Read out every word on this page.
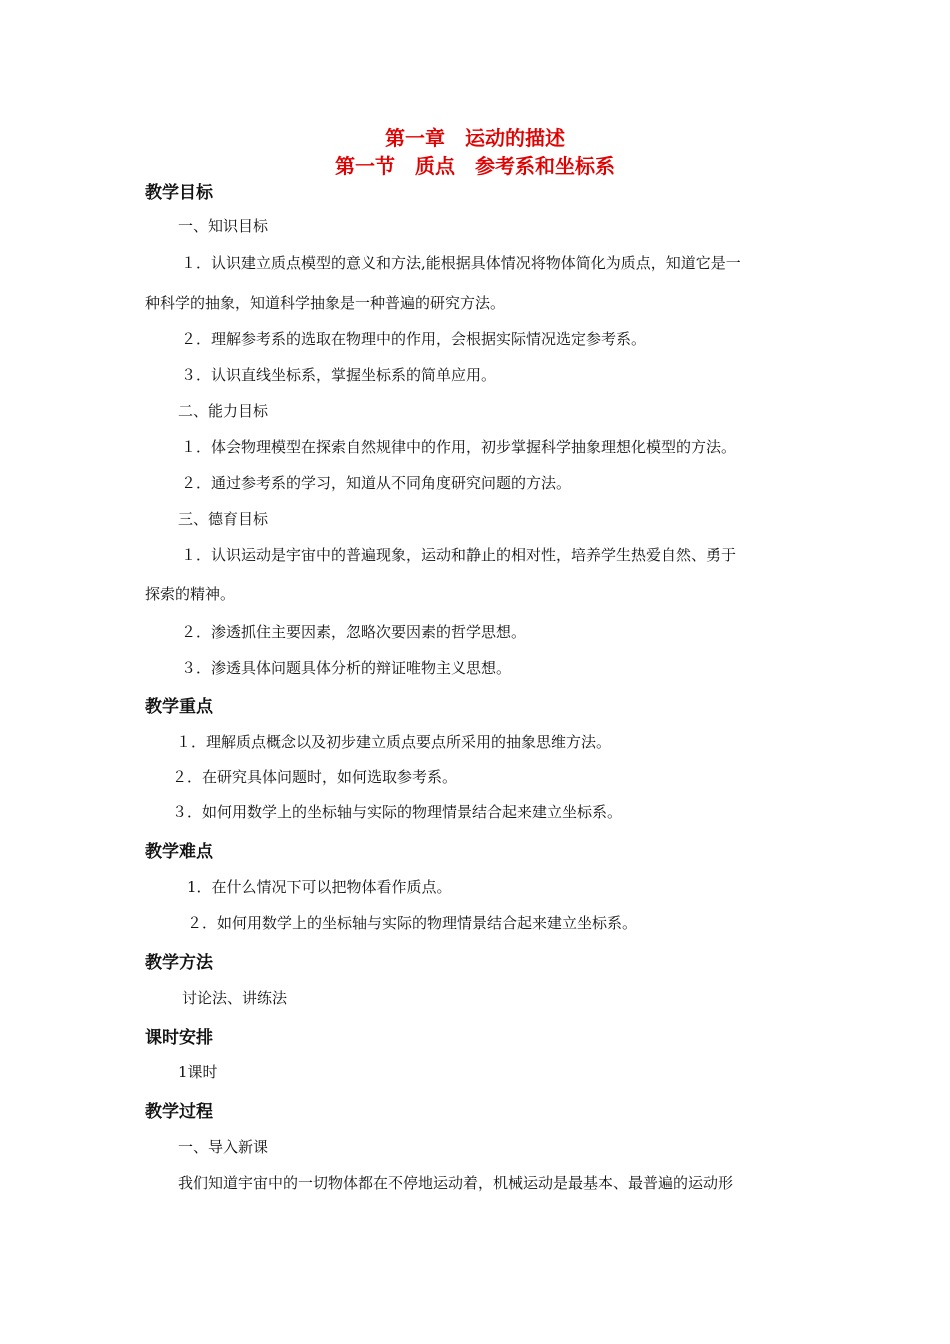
第一章　运动的描述
第一节　质点　参考系和坐标系
教学目标
一、知识目标
１．认识建立质点模型的意义和方法,能根据具体情况将物体简化为质点，知道它是一
种科学的抽象，知道科学抽象是一种普遍的研究方法。
２．理解参考系的选取在物理中的作用，会根据实际情况选定参考系。
３．认识直线坐标系，掌握坐标系的简单应用。
二、能力目标
１．体会物理模型在探索自然规律中的作用，初步掌握科学抽象理想化模型的方法。
２．通过参考系的学习，知道从不同角度研究问题的方法。
三、德育目标
１．认识运动是宇宙中的普遍现象，运动和静止的相对性，培养学生热爱自然、勇于
探索的精神。
２．渗透抓住主要因素，忽略次要因素的哲学思想。
３．渗透具体问题具体分析的辩证唯物主义思想。
教学重点
１．理解质点概念以及初步建立质点要点所采用的抽象思维方法。
２．在研究具体问题时，如何选取参考系。
３．如何用数学上的坐标轴与实际的物理情景结合起来建立坐标系。
教学难点
1．在什么情况下可以把物体看作质点。
２．如何用数学上的坐标轴与实际的物理情景结合起来建立坐标系。
教学方法
讨论法、讲练法
课时安排
1课时
教学过程
一、导入新课
我们知道宇宙中的一切物体都在不停地运动着，机械运动是最基本、最普遍的运动形
